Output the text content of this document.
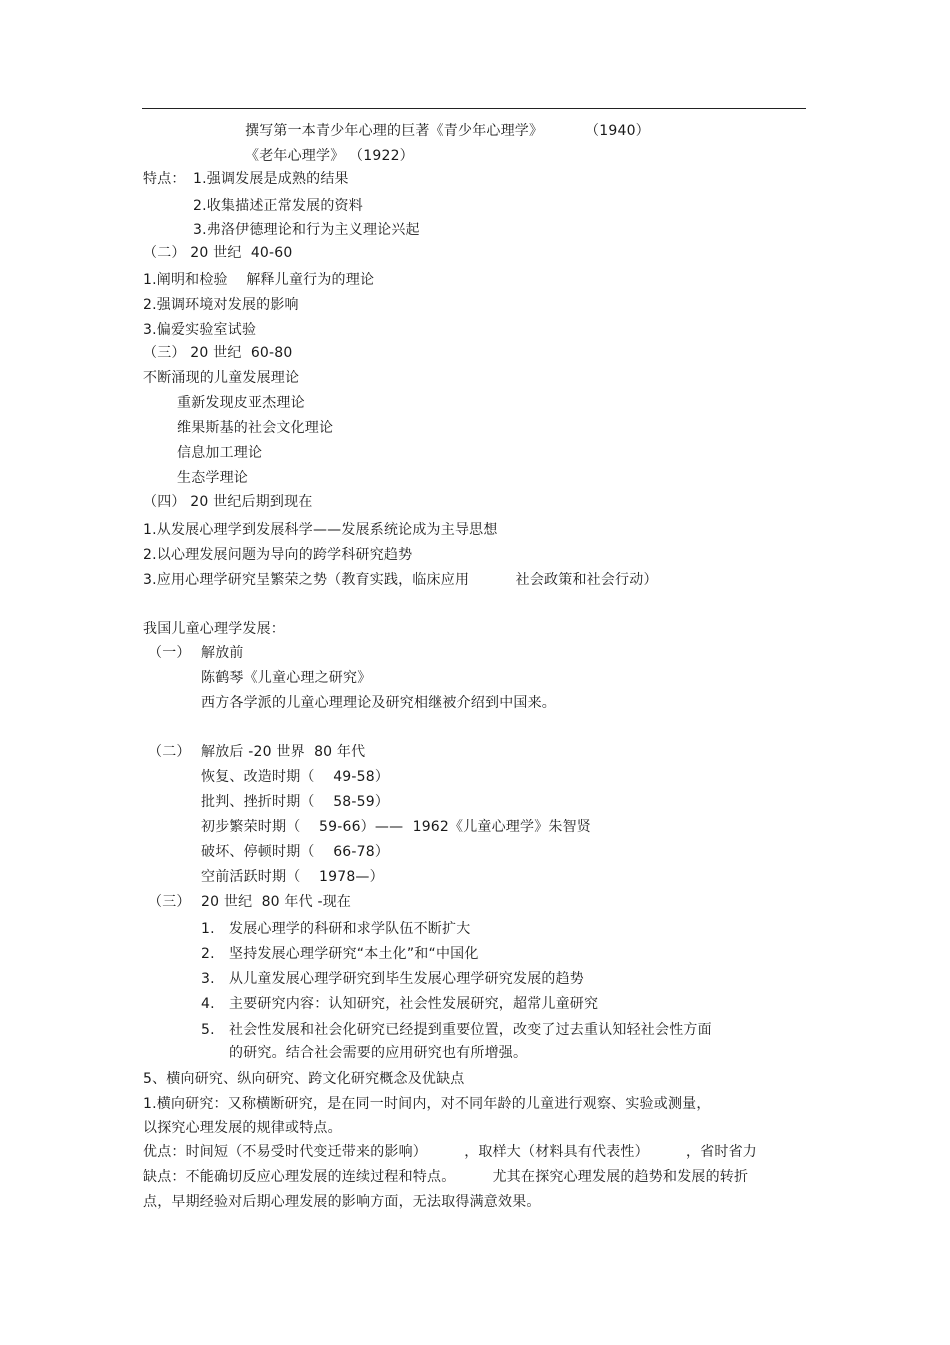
撰写第一本青少年心理的巨著《青少年心理学》         （1940）
《老年心理学》 （1922）
特点： 1.强调发展是成熟的结果
2.收集描述正常发展的资料
3.弗洛伊德理论和行为主义理论兴起
（二） 20 世纪  40-60
1.阐明和检验    解释儿童行为的理论
2.强调环境对发展的影响
3.偏爱实验室试验
（三） 20 世纪  60-80
不断涌现的儿童发展理论
重新发现皮亚杰理论
维果斯基的社会文化理论
信息加工理论
生态学理论
（四） 20 世纪后期到现在
1.从发展心理学到发展科学——发展系统论成为主导思想
2.以心理发展问题为导向的跨学科研究趋势
3.应用心理学研究呈繁荣之势（教育实践，临床应用          社会政策和社会行动）
我国儿童心理学发展：
（一） 解放前
陈鹤琴《儿童心理之研究》
西方各学派的儿童心理理论及研究相继被介绍到中国来。
（二） 解放后 -20 世界  80 年代
恢复、改造时期（    49-58）
批判、挫折时期（    58-59）
初步繁荣时期（    59-66）——  1962《儿童心理学》朱智贤
破坏、停顿时期（    66-78）
空前活跃时期（    1978—）
（三） 20 世纪  80 年代 -现在
1. 发展心理学的科研和求学队伍不断扩大
2. 坚持发展心理学研究“本土化”和“中国化
3. 从儿童发展心理学研究到毕生发展心理学研究发展的趋势
4. 主要研究内容：认知研究，社会性发展研究，超常儿童研究
5. 社会性发展和社会化研究已经提到重要位置，改变了过去重认知轻社会性方面
的研究。结合社会需要的应用研究也有所增强。
5、横向研究、纵向研究、跨文化研究概念及优缺点
1.横向研究：又称横断研究，是在同一时间内，对不同年龄的儿童进行观察、实验或测量，
以探究心理发展的规律或特点。
优点：时间短（不易受时代变迁带来的影响）        ，取样大（材料具有代表性）        ，省时省力
缺点：不能确切反应心理发展的连续过程和特点。        尤其在探究心理发展的趋势和发展的转折
点，早期经验对后期心理发展的影响方面，无法取得满意效果。
